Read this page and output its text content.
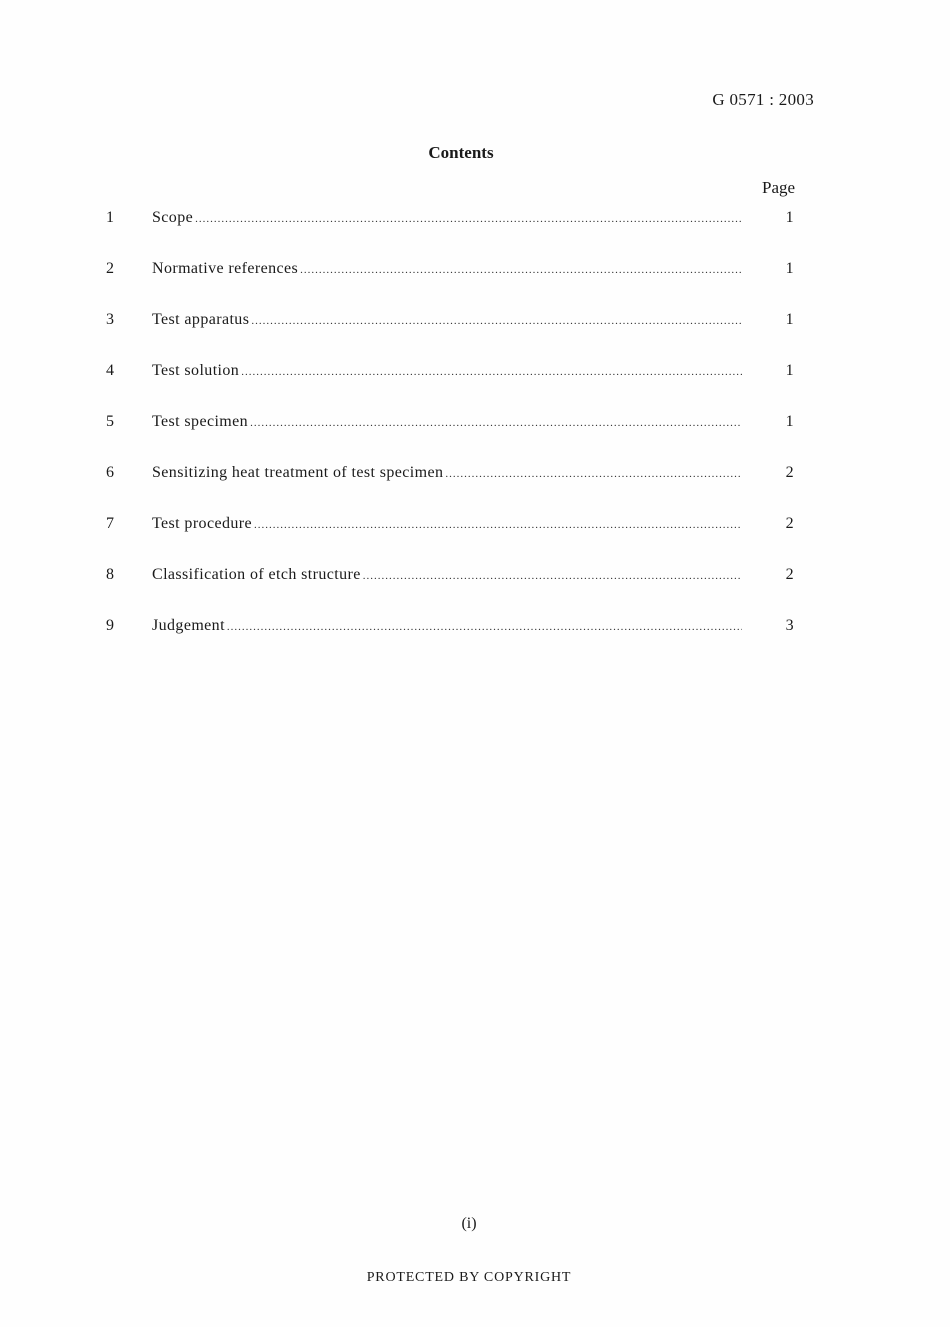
G 0571 : 2003
Contents
Page
1	Scope .....	1
2	Normative references .....	1
3	Test apparatus .....	1
4	Test solution .....	1
5	Test specimen .....	1
6	Sensitizing heat treatment of test specimen .....	2
7	Test procedure .....	2
8	Classification of etch structure .....	2
9	Judgement .....	3
(i)
PROTECTED BY COPYRIGHT
